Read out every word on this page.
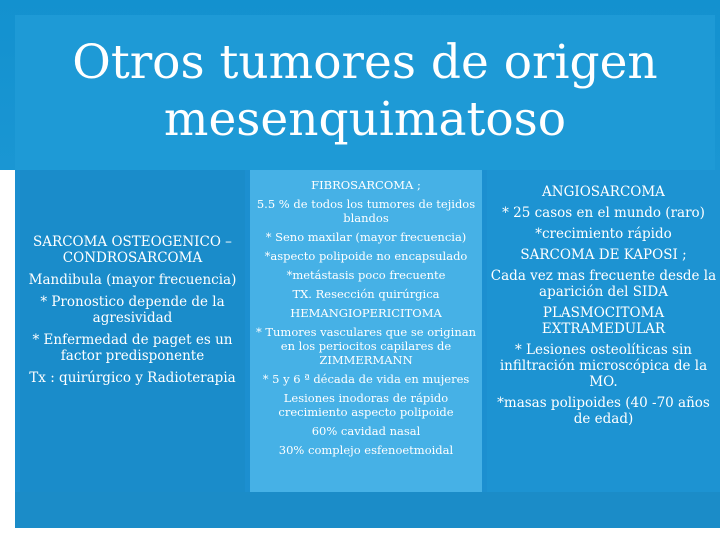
Otros tumores de origen mesenquimatoso

SARCOMA OSTEOGENICO – CONDROSARCOMA

Mandibula (mayor frecuencia)

* Pronostico depende de la agresividad

* Enfermedad de paget es un factor predisponente

Tx : quirúrgico y Radioterapia

FIBROSARCOMA ;

5.5 % de todos los tumores de tejidos blandos

* Seno maxilar (mayor frecuencia)

*aspecto polipoide no encapsulado

*metástasis poco frecuente

TX. Resección quirúrgica

HEMANGIOPERICITOMA

* Tumores vasculares que se originan en los periocitos capilares de ZIMMERMANN

* 5 y 6 ª década de vida en mujeres

Lesiones inodoras de rápido crecimiento aspecto polipoide

60% cavidad nasal

30% complejo esfenoetmoidal

ANGIOSARCOMA

* 25 casos en el mundo (raro)

*crecimiento rápido

SARCOMA DE KAPOSI ;

Cada vez mas frecuente desde la aparición del SIDA

PLASMOCITOMA EXTRAMEDULAR

* Lesiones osteolíticas sin infiltración microscópica de la MO.

*masas polipoides (40 -70 años de edad)
